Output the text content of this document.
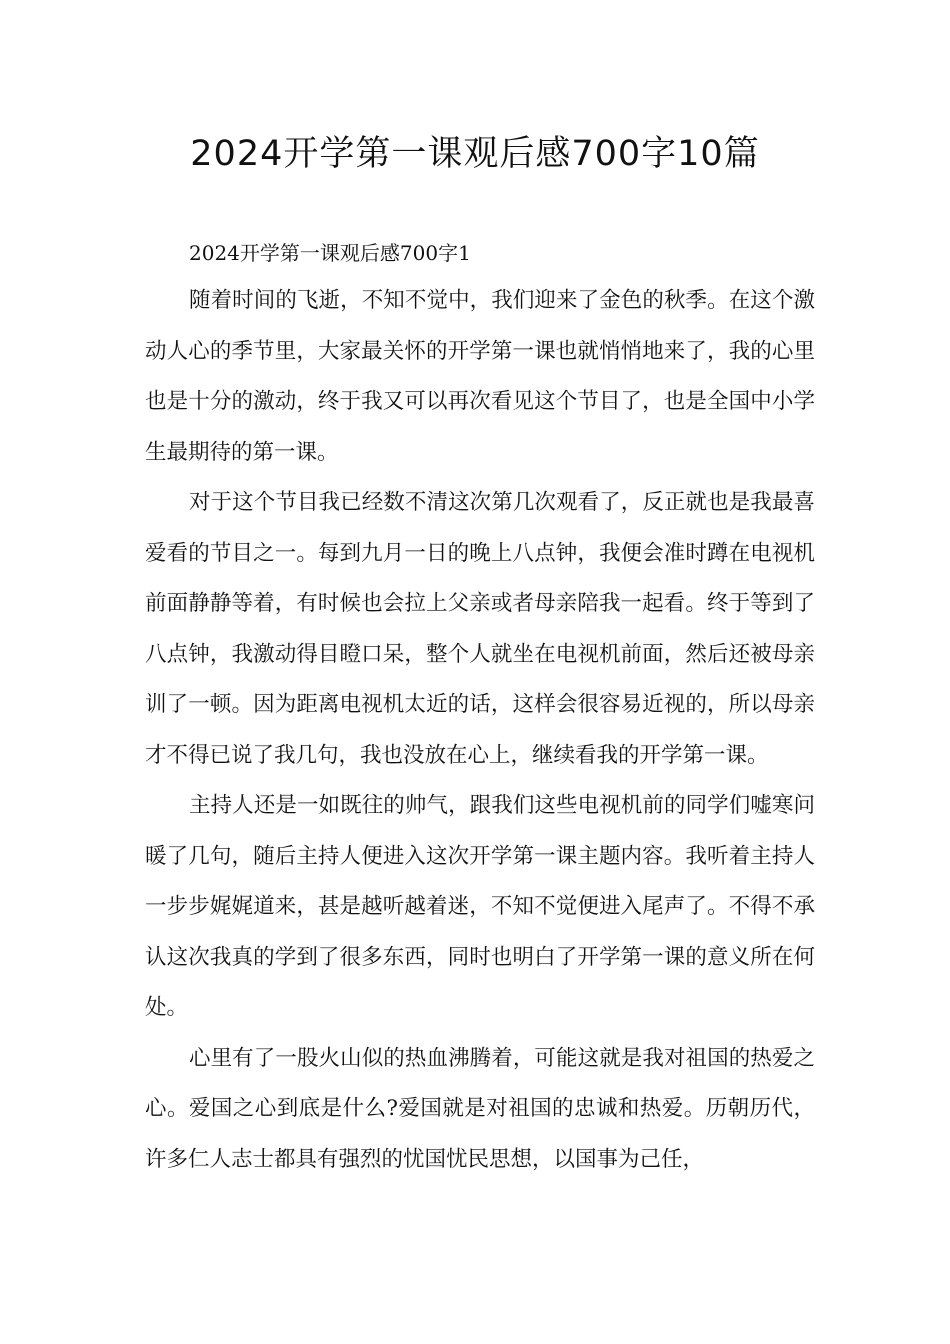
2024开学第一课观后感700字10篇

2024开学第一课观后感700字1

随着时间的飞逝，不知不觉中，我们迎来了金色的秋季。在这个激动人心的季节里，大家最关怀的开学第一课也就悄悄地来了，我的心里也是十分的激动，终于我又可以再次看见这个节目了，也是全国中小学生最期待的第一课。

对于这个节目我已经数不清这次第几次观看了，反正就也是我最喜爱看的节目之一。每到九月一日的晚上八点钟，我便会准时蹲在电视机前面静静等着，有时候也会拉上父亲或者母亲陪我一起看。终于等到了八点钟，我激动得目瞪口呆，整个人就坐在电视机前面，然后还被母亲训了一顿。因为距离电视机太近的话，这样会很容易近视的，所以母亲才不得已说了我几句，我也没放在心上，继续看我的开学第一课。

主持人还是一如既往的帅气，跟我们这些电视机前的同学们嘘寒问暖了几句，随后主持人便进入这次开学第一课主题内容。我听着主持人一步步娓娓道来，甚是越听越着迷，不知不觉便进入尾声了。不得不承认这次我真的学到了很多东西，同时也明白了开学第一课的意义所在何处。

心里有了一股火山似的热血沸腾着，可能这就是我对祖国的热爱之心。爱国之心到底是什么?爱国就是对祖国的忠诚和热爱。历朝历代，许多仁人志士都具有强烈的忧国忧民思想，以国事为己任，
